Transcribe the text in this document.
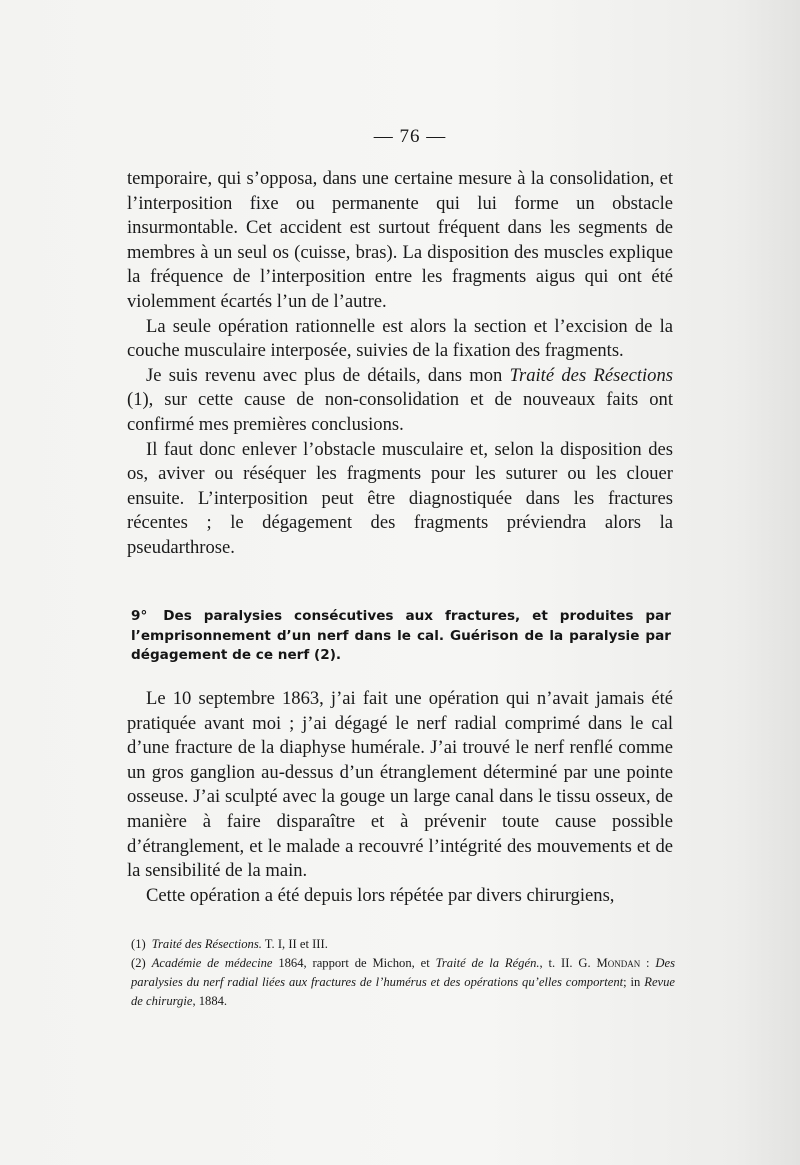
— 76 —

temporaire, qui s’opposa, dans une certaine mesure à la consolidation, et l’interposition fixe ou permanente qui lui forme un obstacle insurmontable. Cet accident est surtout fréquent dans les segments de membres à un seul os (cuisse, bras). La disposition des muscles explique la fréquence de l’interposition entre les fragments aigus qui ont été violemment écartés l’un de l’autre.

La seule opération rationnelle est alors la section et l’excision de la couche musculaire interposée, suivies de la fixation des fragments.

Je suis revenu avec plus de détails, dans mon Traité des Résections (1), sur cette cause de non-consolidation et de nouveaux faits ont confirmé mes premières conclusions.

Il faut donc enlever l’obstacle musculaire et, selon la disposition des os, aviver ou réséquer les fragments pour les suturer ou les clouer ensuite. L’interposition peut être diagnostiquée dans les fractures récentes ; le dégagement des fragments préviendra alors la pseudarthrose.

9° Des paralysies consécutives aux fractures, et produites par l’emprisonnement d’un nerf dans le cal. Guérison de la paralysie par dégagement de ce nerf (2).

Le 10 septembre 1863, j’ai fait une opération qui n’avait jamais été pratiquée avant moi ; j’ai dégagé le nerf radial comprimé dans le cal d’une fracture de la diaphyse humérale. J’ai trouvé le nerf renflé comme un gros ganglion au-dessus d’un étranglement déterminé par une pointe osseuse. J’ai sculpté avec la gouge un large canal dans le tissu osseux, de manière à faire disparaître et à prévenir toute cause possible d’étranglement, et le malade a recouvré l’intégrité des mouvements et de la sensibilité de la main.

Cette opération a été depuis lors répétée par divers chirurgiens,

(1) Traité des Résections. T. I, II et III.

(2) Académie de médecine 1864, rapport de Michon, et Traité de la Régén., t. II. G. Mondan : Des paralysies du nerf radial liées aux fractures de l’humérus et des opérations qu’elles comportent; in Revue de chirurgie, 1884.
